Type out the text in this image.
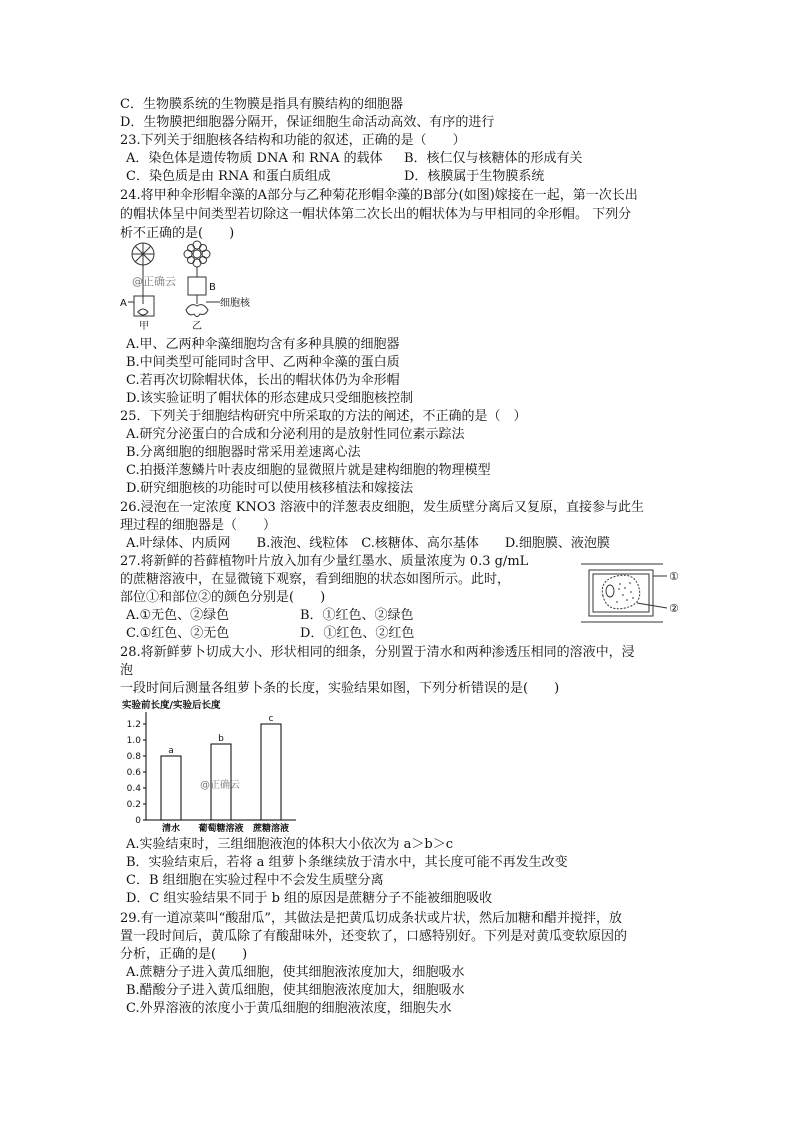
C．生物膜系统的生物膜是指具有膜结构的细胞器
D．生物膜把细胞器分隔开，保证细胞生命活动高效、有序的进行
23.下列关于细胞核各结构和功能的叙述，正确的是（　　）
A．染色体是遗传物质 DNA 和 RNA 的载体 B．核仁仅与核糖体的形成有关
C．染色质是由 RNA 和蛋白质组成	D．核膜属于生物膜系统
24.将甲种伞形帽伞藻的A部分与乙种菊花形帽伞藻的B部分(如图)嫁接在一起，第一次长出
的帽状体呈中间类型若切除这一帽状体第二次长出的帽状体为与甲相同的伞形帽。 下列分
析不正确的是(　　)
A
B
细胞核
甲	乙
@正确云
A.甲、乙两种伞藻细胞均含有多种具膜的细胞器
B.中间类型可能同时含甲、乙两种伞藻的蛋白质
C.若再次切除帽状体，长出的帽状体仍为伞形帽
D.该实验证明了帽状体的形态建成只受细胞核控制
25．下列关于细胞结构研究中所采取的方法的阐述，不正确的是（　）
A.研究分泌蛋白的合成和分泌利用的是放射性同位素示踪法
B.分离细胞的细胞器时常采用差速离心法
C.拍摄洋葱鳞片叶表皮细胞的显微照片就是建构细胞的物理模型
D.研究细胞核的功能时可以使用核移植法和嫁接法
26.浸泡在一定浓度 KNO3 溶液中的洋葱表皮细胞，发生质壁分离后又复原，直接参与此生
理过程的细胞器是（　　）
A.叶绿体、内质网　　B.液泡、线粒体　C.核糖体、高尔基体　　D.细胞膜、液泡膜
27.将新鲜的苔藓植物叶片放入加有少量红墨水、质量浓度为 0.3 g/mL
的蔗糖溶液中，在显微镜下观察，看到细胞的状态如图所示。此时，
部位①和部位②的颜色分别是(　　)
A.①无色、②绿色	B．①红色、②绿色
C.①红色、②无色	D．①红色、②红色
①
②
28.将新鲜萝卜切成大小、形状相同的细条，分别置于清水和两种渗透压相同的溶液中，浸
泡
一段时间后测量各组萝卜条的长度，实验结果如图，下列分析错误的是(　　)
实验前长度/实验后长度
0
0.2
0.4
0.6
0.8
1.0
1.2
a
清水
b
葡萄糖溶液
c
蔗糖溶液
@正确云
A.实验结束时，三组细胞液泡的体积大小依次为 a＞b＞c
B．实验结束后，若将 a 组萝卜条继续放于清水中，其长度可能不再发生改变
C．B 组细胞在实验过程中不会发生质壁分离
D．C 组实验结果不同于 b 组的原因是蔗糖分子不能被细胞吸收
29.有一道凉菜叫“酸甜瓜”，其做法是把黄瓜切成条状或片状，然后加糖和醋并搅拌，放
置一段时间后，黄瓜除了有酸甜味外，还变软了，口感特别好。下列是对黄瓜变软原因的
分析，正确的是(　　)
A.蔗糖分子进入黄瓜细胞，使其细胞液浓度加大，细胞吸水
B.醋酸分子进入黄瓜细胞，使其细胞液浓度加大，细胞吸水
C.外界溶液的浓度小于黄瓜细胞的细胞液浓度，细胞失水
